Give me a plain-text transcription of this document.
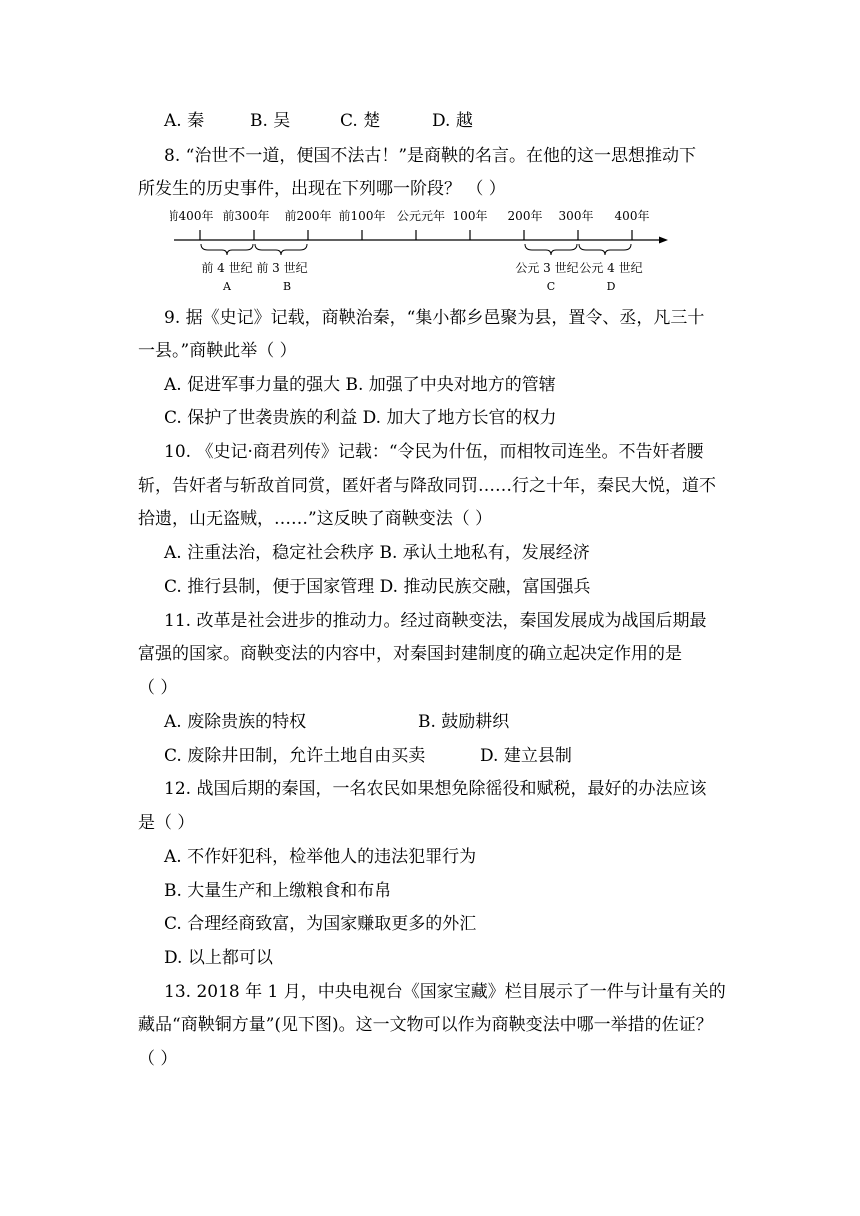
A. 秦	B. 吴	C. 楚	D. 越
8. “治世不一道，便国不法古！”是商鞅的名言。在他的这一思想推动下
所发生的历史事件，出现在下列哪一阶段？ （ ）
前400年 前300年 前200年 前100年 公元元年 100年 200年 300年 400年
前 4 世纪 前 3 世纪	公元 3 世纪 公元 4 世纪
A	B	C	D
9. 据《史记》记载，商鞅治秦，“集小都乡邑聚为县，置令、丞，凡三十
一县。”商鞅此举（ ）
A. 促进军事力量的强大 B. 加强了中央对地方的管辖
C. 保护了世袭贵族的利益 D. 加大了地方长官的权力
10. 《史记·商君列传》记载：“令民为什伍，而相牧司连坐。不告奸者腰
斩，告奸者与斩敌首同赏，匿奸者与降敌同罚……行之十年，秦民大悦，道不
拾遗，山无盗贼，……”这反映了商鞅变法（ ）
A. 注重法治，稳定社会秩序 B. 承认土地私有，发展经济
C. 推行县制，便于国家管理 D. 推动民族交融，富国强兵
11. 改革是社会进步的推动力。经过商鞅变法，秦国发展成为战国后期最
富强的国家。商鞅变法的内容中，对秦国封建制度的确立起决定作用的是
（ ）
A. 废除贵族的特权	B. 鼓励耕织
C. 废除井田制，允许土地自由买卖	D. 建立县制
12. 战国后期的秦国，一名农民如果想免除徭役和赋税，最好的办法应该
是（ ）
A. 不作奸犯科，检举他人的违法犯罪行为
B. 大量生产和上缴粮食和布帛
C. 合理经商致富，为国家赚取更多的外汇
D. 以上都可以
13. 2018 年 1 月，中央电视台《国家宝藏》栏目展示了一件与计量有关的
藏品“商鞅铜方量”(见下图)。这一文物可以作为商鞅变法中哪一举措的佐证？
（ ）
